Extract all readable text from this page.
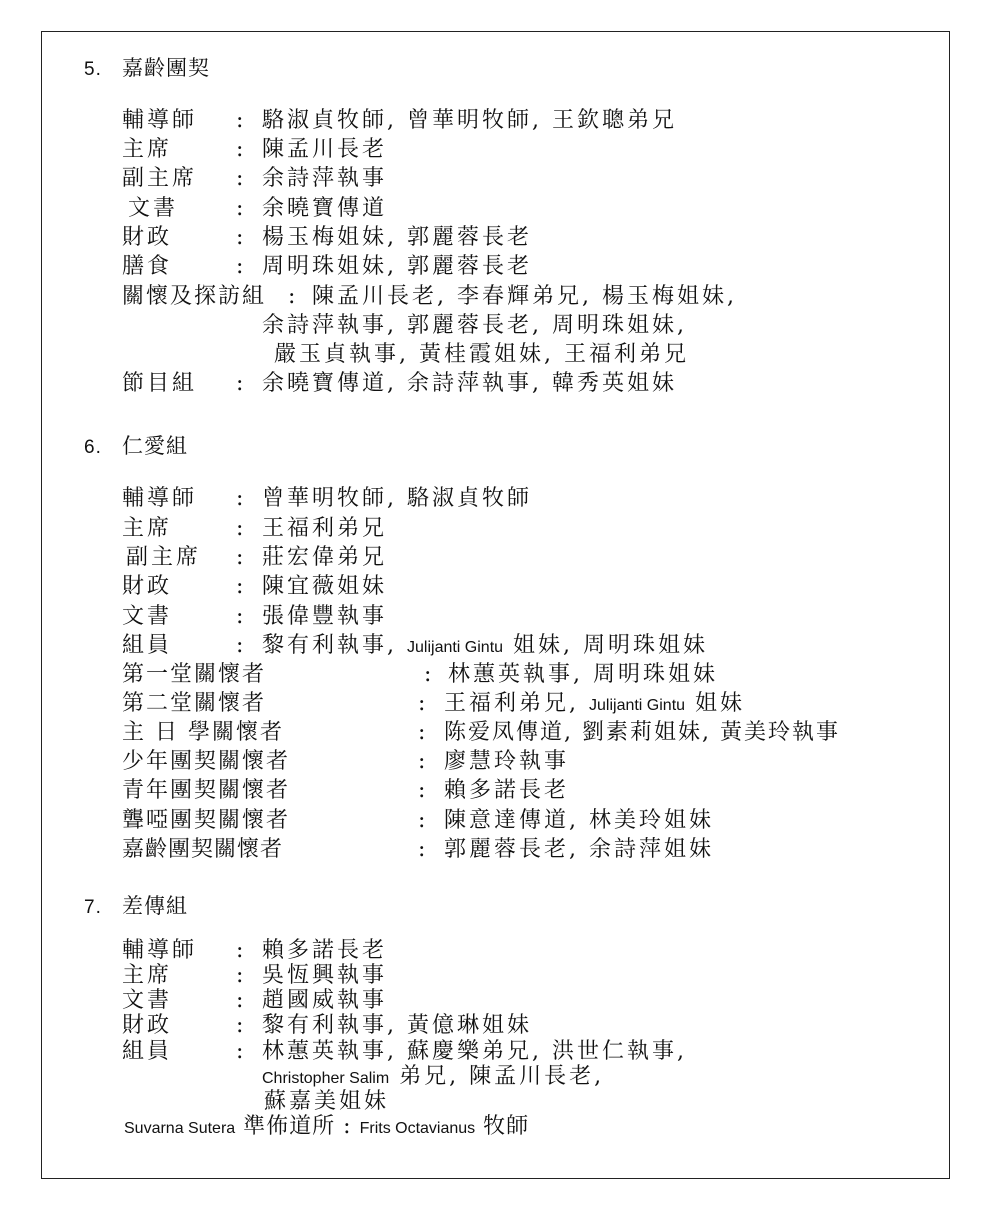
5. 嘉齡團契
輔導師 : 駱淑貞牧師, 曾華明牧師, 王欽聰弟兄
主席	: 陳孟川長老
副主席 : 余詩萍執事
文書	: 余曉寶傳道
財政	: 楊玉梅姐妹, 郭麗蓉長老
膳食	: 周明珠姐妹, 郭麗蓉長老
關懷及探訪組 : 陳孟川長老, 李春輝弟兄, 楊玉梅姐妹,
余詩萍執事, 郭麗蓉長老, 周明珠姐妹,
嚴玉貞執事, 黃桂霞姐妹, 王福利弟兄
節目組 : 余曉寶傳道, 余詩萍執事, 韓秀英姐妹
6. 仁愛組
輔導師 : 曾華明牧師, 駱淑貞牧師
主席	: 王福利弟兄
副主席 : 莊宏偉弟兄
財政	: 陳宜薇姐妹
文書	: 張偉豐執事
組員	: 黎有利執事, Julijanti Gintu 姐妹, 周明珠姐妹
第一堂關懷者	: 林蕙英執事, 周明珠姐妹
第二堂關懷者	: 王福利弟兄, Julijanti Gintu 姐妹
主 日 學關懷者	: 陈爱凤傳道, 劉素莉姐妹, 黃美玲執事
少年團契關懷者	: 廖慧玲執事
青年團契關懷者	: 賴多諾長老
聾啞團契關懷者	: 陳意達傳道, 林美玲姐妹
嘉齡團契關懷者	: 郭麗蓉長老, 余詩萍姐妹
7. 差傳組
輔導師 : 賴多諾長老
主席	: 吳恆興執事
文書	: 趙國威執事
財政	: 黎有利執事, 黃億琳姐妹
組員	: 林蕙英執事, 蘇慶樂弟兄, 洪世仁執事,
Christopher Salim 弟兄, 陳孟川長老,
蘇嘉美姐妹
Suvarna Sutera 準佈道所 : Frits Octavianus 牧師
